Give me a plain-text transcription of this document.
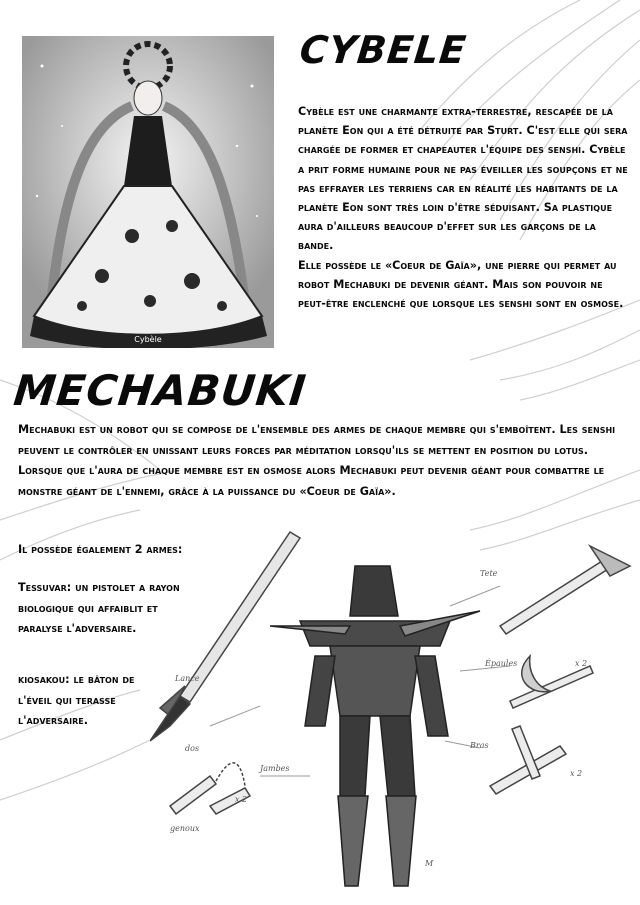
Cybèle
CYBELE

Cybèle est une charmante extra-terrestre, rescapée de la planète Eon qui a été détruite par Sturt. C'est elle qui sera chargée de former et chapeauter l'équipe des senshi. Cybèle a prit forme humaine pour ne pas éveiller les soupçons et ne pas effrayer les terriens car en réalité les habitants de la planète Eon sont très loin d'être séduisant. Sa plastique aura d'ailleurs beaucoup d'effet sur les garçons de la bande.

Elle possède le «Coeur de Gaïa», une pierre qui permet au robot Mechabuki de devenir géant. Mais son pouvoir ne peut-être enclenché que lorsque les senshi sont en osmose.

MECHABUKI
Mechabuki est un robot qui se compose de l'ensemble des armes de chaque membre qui s'emboîtent. Les senshi peuvent le contrôler en unissant leurs forces par méditation lorsqu'ils se mettent en position du lotus. Lorsque que l'aura de chaque membre est en osmose alors Mechabuki peut devenir géant pour combattre le monstre géant de l'ennemi, grâce à la puissance du «Coeur de Gaïa».
Il possède également 2 armes:
Tessuvar: un pistolet a rayon biologique qui affaiblit et paralyse l'adversaire.
kiosakou: le bâton de l'éveil qui terasse l'adversaire.
Tete
Épaules
Bras
Jambes
Lance
dos
x 2
x 2
x 2
genoux
M
